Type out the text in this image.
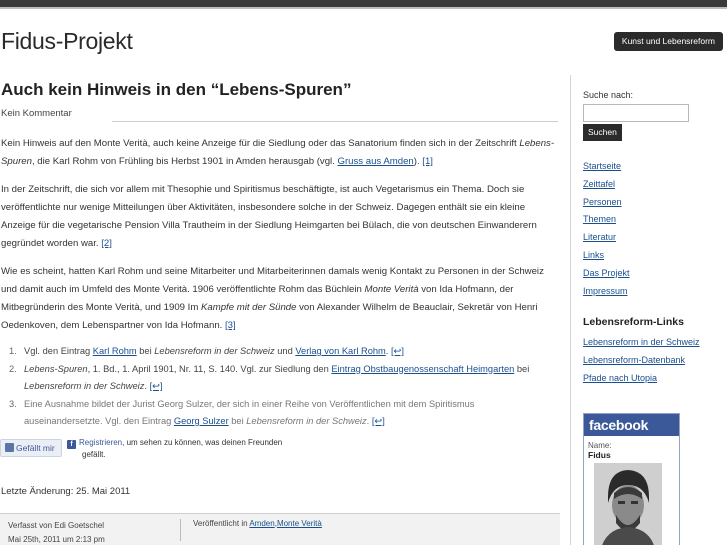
Fidus-Projekt	Kunst und Lebensreform
Auch kein Hinweis in den “Lebens-Spuren”
Kein Kommentar

Kein Hinweis auf den Monte Verità, auch keine Anzeige für die Siedlung oder das Sanatorium finden sich in der Zeitschrift Lebens-Spuren, die Karl Rohm von Frühling bis Herbst 1901 in Amden herausgab (vgl. Gruss aus Amden). [1]

In der Zeitschrift, die sich vor allem mit Thesophie und Spiritismus beschäftigte, ist auch Vegetarismus ein Thema. Doch sie veröffentlichte nur wenige Mitteilungen über Aktivitäten, insbesondere solche in der Schweiz. Dagegen enthält sie ein kleine Anzeige für die vegetarische Pension Villa Trautheim in der Siedlung Heimgarten bei Bülach, die von deutschen Einwanderern gegründet worden war. [2]

Wie es scheint, hatten Karl Rohm und seine Mitarbeiter und Mitarbeiterinnen damals wenig Kontakt zu Personen in der Schweiz und damit auch im Umfeld des Monte Verità. 1906 veröffentlichte Rohm das Büchlein Monte Verità von Ida Hofmann, der Mitbegründerin des Monte Verità, und 1909 Im Kampfe mit der Sünde von Alexander Wilhelm de Beauclair, Sekretär von Henri Oedenkoven, dem Lebenspartner von Ida Hofmann. [3]

1. Vgl. den Eintrag Karl Rohm bei Lebensreform in der Schweiz und Verlag von Karl Rohm. [↩]
2. Lebens-Spuren, 1. Bd., 1. April 1901, Nr. 11, S. 140. Vgl. zur Siedlung den Eintrag Obstbaugenossenschaft Heimgarten bei Lebensreform in der Schweiz. [↩]
3. Eine Ausnahme bildet der Jurist Georg Sulzer, der sich in einer Reihe von Veröffentlichen mit dem Spiritismus auseinandersetzte. Vgl. den Eintrag Georg Sulzer bei Lebensreform in der Schweiz. [↩]
Gefällt mir	f Registrieren, um sehen zu können, was deinen Freunden
gefällt.
Letzte Änderung: 25. Mai 2011
Verfasst von Edi Goetschel
Mai 25th, 2011 um 2:13 pm
Veröffentlicht in Amden,Monte Verità
Suche nach:
Suchen
Startseite
Zeittafel
Personen
Themen
Literatur
Links
Das Projekt
Impressum
Lebensreform-Links
Lebensreform in der Schweiz
Lebensreform-Datenbank
Pfade nach Utopia
facebook
Name:
Fidus
